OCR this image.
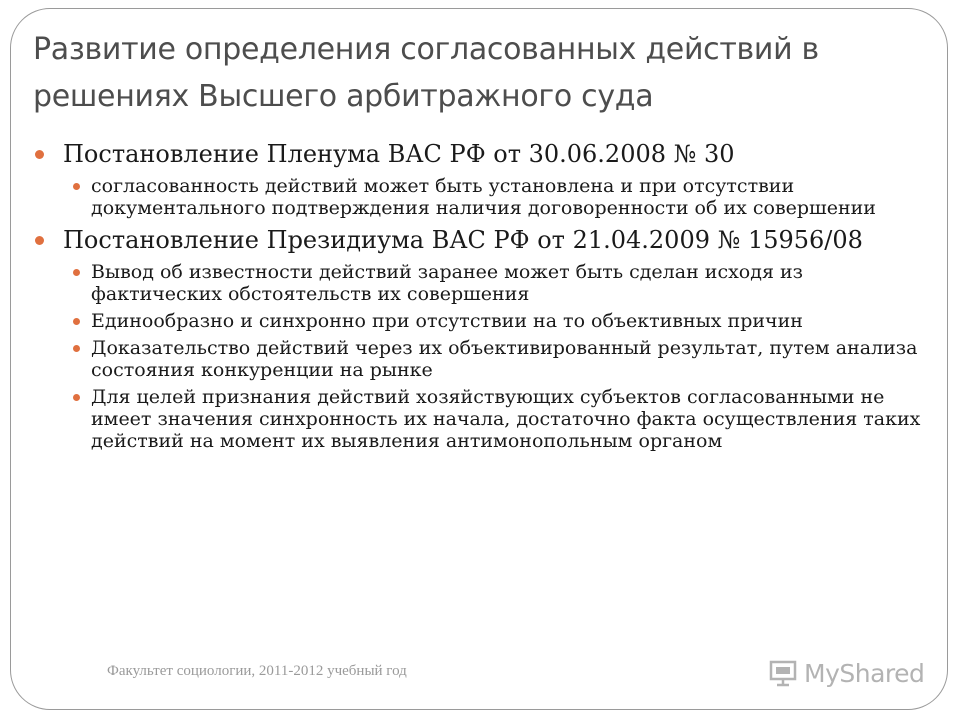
Развитие определения согласованных действий в решениях Высшего арбитражного суда
Постановление Пленума ВАС РФ от 30.06.2008 № 30
согласованность действий может быть установлена и при отсутствии документального подтверждения наличия договоренности об их совершении
Постановление Президиума ВАС РФ от 21.04.2009 № 15956/08
Вывод об известности действий заранее может быть сделан исходя из фактических обстоятельств их совершения
Единообразно и синхронно при отсутствии на то объективных причин
Доказательство действий через их объективированный результат, путем анализа состояния конкуренции на рынке
Для целей признания действий хозяйствующих субъектов согласованными не имеет значения синхронность их начала, достаточно факта осуществления таких действий на момент их выявления антимонопольным органом
Факультет социологии, 2011-2012 учебный год	MyShared
